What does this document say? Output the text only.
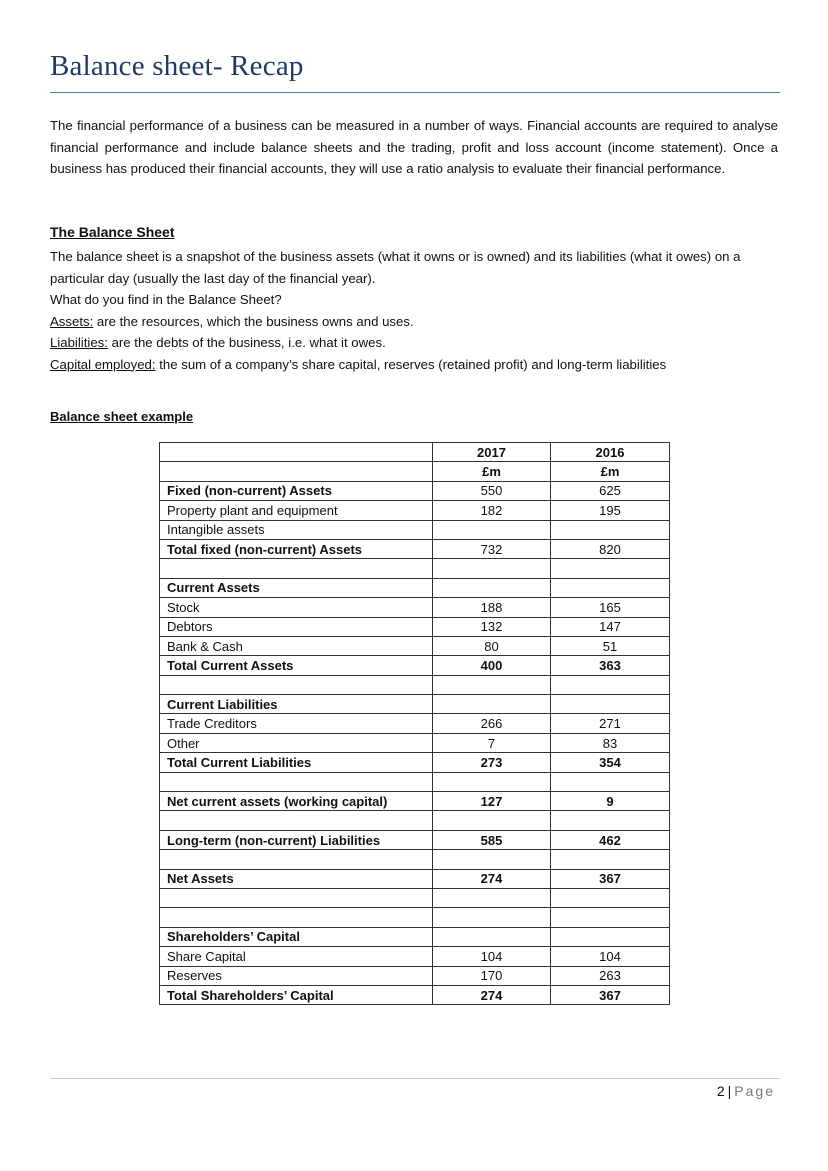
Balance sheet- Recap

The financial performance of a business can be measured in a number of ways. Financial accounts are required to analyse financial performance and include balance sheets and the trading, profit and loss account (income statement). Once a business has produced their financial accounts, they will use a ratio analysis to evaluate their financial performance.

The Balance Sheet

The balance sheet is a snapshot of the business assets (what it owns or is owned) and its liabilities (what it owes) on a particular day (usually the last day of the financial year).

What do you find in the Balance Sheet?

Assets: are the resources, which the business owns and uses.

Liabilities: are the debts of the business, i.e. what it owes.

Capital employed: the sum of a company’s share capital, reserves (retained profit) and long-term liabilities

Balance sheet example
	2017	2016
	£m	£m
Fixed (non-current) Assets	550	625
Property plant and equipment	182	195
Intangible assets		
Total fixed (non-current) Assets	732	820

Current Assets		
Stock	188	165
Debtors	132	147
Bank & Cash	80	51
Total Current Assets	400	363

Current Liabilities		
Trade Creditors	266	271
Other	7	83
Total Current Liabilities	273	354

Net current assets (working capital)	127	9

Long-term (non-current) Liabilities	585	462

Net Assets	274	367

Shareholders’ Capital		
Share Capital	104	104
Reserves	170	263
Total Shareholders’ Capital	274	367
2 | Page
